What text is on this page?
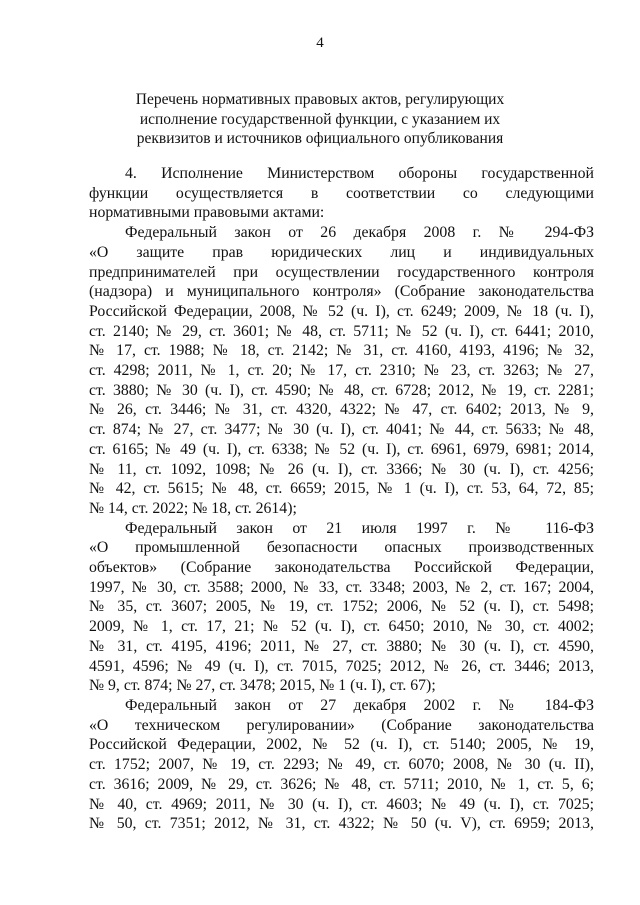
4
Перечень нормативных правовых актов, регулирующих
исполнение государственной функции, с указанием их
реквизитов и источников официального опубликования
4. Исполнение Министерством обороны государственной
функции осуществляется в соответствии со следующими
нормативными правовыми актами:
Федеральный закон от 26 декабря 2008 г. № 294-ФЗ
«О защите прав юридических лиц и индивидуальных
предпринимателей при осуществлении государственного контроля
(надзора) и муниципального контроля» (Собрание законодательства
Российской Федерации, 2008, № 52 (ч. I), ст. 6249; 2009, № 18 (ч. I),
ст. 2140; № 29, ст. 3601; № 48, ст. 5711; № 52 (ч. I), ст. 6441; 2010,
№ 17, ст. 1988; № 18, ст. 2142; № 31, ст. 4160, 4193, 4196; № 32,
ст. 4298; 2011, № 1, ст. 20; № 17, ст. 2310; № 23, ст. 3263; № 27,
ст. 3880; № 30 (ч. I), ст. 4590; № 48, ст. 6728; 2012, № 19, ст. 2281;
№ 26, ст. 3446; № 31, ст. 4320, 4322; № 47, ст. 6402; 2013, № 9,
ст. 874; № 27, ст. 3477; № 30 (ч. I), ст. 4041; № 44, ст. 5633; № 48,
ст. 6165; № 49 (ч. I), ст. 6338; № 52 (ч. I), ст. 6961, 6979, 6981; 2014,
№ 11, ст. 1092, 1098; № 26 (ч. I), ст. 3366; № 30 (ч. I), ст. 4256;
№ 42, ст. 5615; № 48, ст. 6659; 2015, № 1 (ч. I), ст. 53, 64, 72, 85;
№ 14, ст. 2022; № 18, ст. 2614);
Федеральный закон от 21 июля 1997 г. № 116-ФЗ
«О промышленной безопасности опасных производственных
объектов» (Собрание законодательства Российской Федерации,
1997, № 30, ст. 3588; 2000, № 33, ст. 3348; 2003, № 2, ст. 167; 2004,
№ 35, ст. 3607; 2005, № 19, ст. 1752; 2006, № 52 (ч. I), ст. 5498;
2009, № 1, ст. 17, 21; № 52 (ч. I), ст. 6450; 2010, № 30, ст. 4002;
№ 31, ст. 4195, 4196; 2011, № 27, ст. 3880; № 30 (ч. I), ст. 4590,
4591, 4596; № 49 (ч. I), ст. 7015, 7025; 2012, № 26, ст. 3446; 2013,
№ 9, ст. 874; № 27, ст. 3478; 2015, № 1 (ч. I), ст. 67);
Федеральный закон от 27 декабря 2002 г. № 184-ФЗ
«О техническом регулировании» (Собрание законодательства
Российской Федерации, 2002, № 52 (ч. I), ст. 5140; 2005, № 19,
ст. 1752; 2007, № 19, ст. 2293; № 49, ст. 6070; 2008, № 30 (ч. II),
ст. 3616; 2009, № 29, ст. 3626; № 48, ст. 5711; 2010, № 1, ст. 5, 6;
№ 40, ст. 4969; 2011, № 30 (ч. I), ст. 4603; № 49 (ч. I), ст. 7025;
№ 50, ст. 7351; 2012, № 31, ст. 4322; № 50 (ч. V), ст. 6959; 2013,
